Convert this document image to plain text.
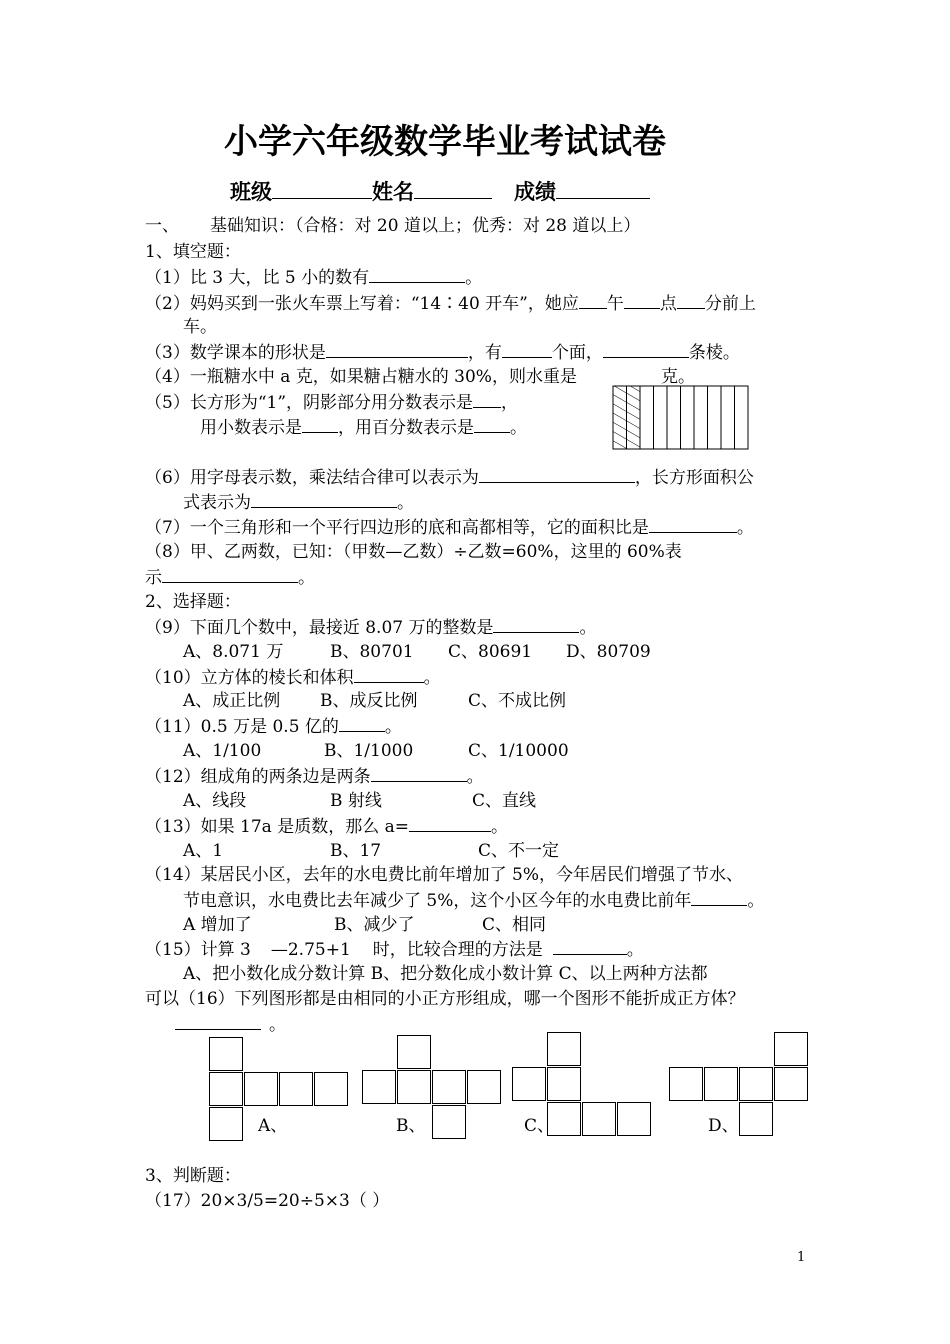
小学六年级数学毕业考试试卷
班级	姓名	成绩
一、 基础知识：（合格：对 20 道以上；优秀：对 28 道以上）
1、填空题：
（1）比 3 大，比 5 小的数有	。
（2）妈妈买到一张火车票上写着：“14∶40 开车”，她应 午 点 分前上
车。
（3）数学课本的形状是	，有	个面，	条棱。
（4）一瓶糖水中 a 克，如果糖占糖水的 30%，则水重是	克。
（5）长方形为“1”，阴影部分用分数表示是 ，
用小数表示是 ，用百分数表示是 。
（6）用字母表示数，乘法结合律可以表示为	，长方形面积公
式表示为	。
（7）一个三角形和一个平行四边形的底和高都相等，它的面积比是	。
（8）甲、乙两数，已知：（甲数—乙数）÷乙数=60%，这里的 60%表
示	。
2、选择题：
（9）下面几个数中，最接近 8.07 万的整数是	。
A、8.071 万	B、80701 C、80691 D、80709
（10）立方体的棱长和体积	。
A、成正比例 B、成反比例	C、不成比例
（11）0.5 万是 0.5 亿的	。
A、1/100	B、1/1000	C、1/10000
（12）组成角的两条边是两条	。
A、线段	B 射线	C、直线
（13）如果 17a 是质数，那么 a=	。
A、1	B、17	C、不一定
（14）某居民小区，去年的水电费比前年增加了 5%，今年居民们增强了节水、
节电意识，水电费比去年减少了 5%，这个小区今年的水电费比前年	。
A 增加了	B、减少了	C、相同
（15）计算 3 —2.75+1 时，比较合理的方法是	。
A、把小数化成分数计算 B、把分数化成小数计算 C、以上两种方法都
可以（16）下列图形都是由相同的小正方形组成，哪一个图形不能折成正方体？
。
A、	B、	C、	D、
3、判断题：
（17）20×3/5=20÷5×3（ ）
1
